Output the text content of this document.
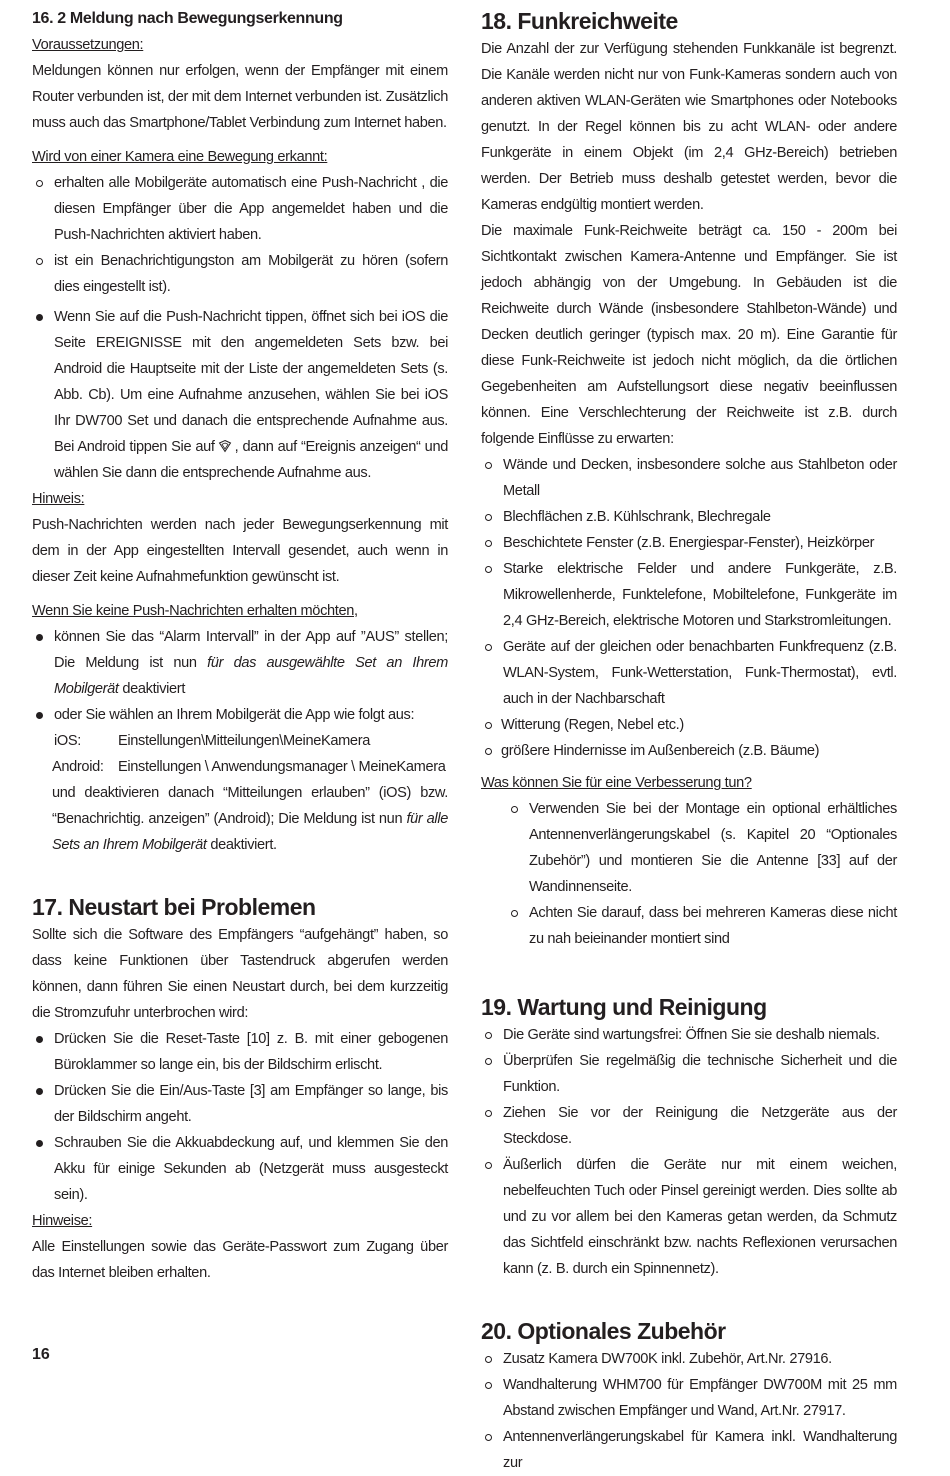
16. 2 Meldung nach Bewegungserkennung

Voraussetzungen:

Meldungen können nur erfolgen, wenn der Empfänger mit einem Router verbunden ist, der mit dem Internet verbunden ist. Zusätzlich muss auch das Smartphone/Tablet Verbindung zum Internet haben.

Wird von einer Kamera eine Bewegung erkannt:

erhalten alle Mobilgeräte automatisch eine Push-Nachricht , die diesen Empfänger über die App angemeldet haben und die Push-Nachrichten aktiviert haben.
ist ein Benachrichtigungston am Mobilgerät zu hören (sofern dies eingestellt ist).
Wenn Sie auf die Push-Nachricht tippen, öffnet sich bei iOS die Seite EREIGNISSE mit den angemeldeten Sets bzw. bei Android die Hauptseite mit der Liste der angemeldeten Sets (s. Abb. Cb). Um eine Aufnahme anzusehen, wählen Sie bei iOS Ihr DW700 Set und danach die entsprechende Aufnahme aus. Bei Android tippen Sie auf , dann auf “Ereignis anzeigen“ und wählen Sie dann die entsprechende Aufnahme aus.

Hinweis:

Push-Nachrichten werden nach jeder Bewegungserkennung mit dem in der App eingestellten Intervall gesendet, auch wenn in dieser Zeit keine Aufnahmefunktion gewünscht ist.

Wenn Sie keine Push-Nachrichten erhalten möchten,

können Sie das “Alarm Intervall” in der App auf ”AUS” stellen; Die Meldung ist nun für das ausgewählte Set an Ihrem Mobilgerät deaktiviert
oder Sie wählen an Ihrem Mobilgerät die App wie folgt aus:
iOS:	Einstellungen\Mitteilungen\MeineKamera
Android: Einstellungen \ Anwendungsmanager \ MeineKamera
und deaktivieren danach “Mitteilungen erlauben” (iOS) bzw. “Benachrichtig. anzeigen” (Android); Die Meldung ist nun für alle Sets an Ihrem Mobilgerät deaktiviert.

17. Neustart bei Problemen

Sollte sich die Software des Empfängers “aufgehängt” haben, so dass keine Funktionen über Tastendruck abgerufen werden können, dann führen Sie einen Neustart durch, bei dem kurzzeitig die Stromzufuhr unterbrochen wird:

Drücken Sie die Reset-Taste [10] z. B. mit einer gebogenen Büroklammer so lange ein, bis der Bildschirm erlischt.
Drücken Sie die Ein/Aus-Taste [3] am Empfänger so lange, bis der Bildschirm angeht.
Schrauben Sie die Akkuabdeckung auf, und klemmen Sie den Akku für einige Sekunden ab (Netzgerät muss ausgesteckt sein).

Hinweise:

Alle Einstellungen sowie das Geräte-Passwort zum Zugang über das Internet bleiben erhalten.

18. Funkreichweite

Die Anzahl der zur Verfügung stehenden Funkkanäle ist begrenzt. Die Kanäle werden nicht nur von Funk-Kameras sondern auch von anderen aktiven WLAN-Geräten wie Smartphones oder Notebooks genutzt. In der Regel können bis zu acht WLAN- oder andere Funkgeräte in einem Objekt (im 2,4 GHz-Bereich) betrieben werden. Der Betrieb muss deshalb getestet werden, bevor die Kameras endgültig montiert werden.

Die maximale Funk-Reichweite beträgt ca. 150 - 200m bei Sichtkontakt zwischen Kamera-Antenne und Empfänger. Sie ist jedoch abhängig von der Umgebung. In Gebäuden ist die Reichweite durch Wände (insbesondere Stahlbeton-Wände) und Decken deutlich geringer (typisch max. 20 m). Eine Garantie für diese Funk-Reichweite ist jedoch nicht möglich, da die örtlichen Gegebenheiten am Aufstellungsort diese negativ beeinflussen können. Eine Verschlechterung der Reichweite ist z.B. durch folgende Einflüsse zu erwarten:

Wände und Decken, insbesondere solche aus Stahlbeton oder Metall
Blechflächen z.B. Kühlschrank, Blechregale
Beschichtete Fenster (z.B. Energiespar-Fenster), Heizkörper
Starke elektrische Felder und andere Funkgeräte, z.B. Mikrowellenherde, Funktelefone, Mobiltelefone, Funkgeräte im 2,4 GHz-Bereich, elektrische Motoren und Starkstromleitungen.
Geräte auf der gleichen oder benachbarten Funkfrequenz (z.B. WLAN-System, Funk-Wetterstation, Funk-Thermostat), evtl. auch in der Nachbarschaft
Witterung (Regen, Nebel etc.)
größere Hindernisse im Außenbereich (z.B. Bäume)

Was können Sie für eine Verbesserung tun?

Verwenden Sie bei der Montage ein optional erhältliches Antennenverlängerungskabel (s. Kapitel 20 “Optionales Zubehör”) und montieren Sie die Antenne [33] auf der Wandinnenseite.
Achten Sie darauf, dass bei mehreren Kameras diese nicht zu nah beieinander montiert sind

19. Wartung und Reinigung

Die Geräte sind wartungsfrei: Öffnen Sie sie deshalb niemals.
Überprüfen Sie regelmäßig die technische Sicherheit und die Funktion.
Ziehen Sie vor der Reinigung die Netzgeräte aus der Steckdose.
Äußerlich dürfen die Geräte nur mit einem weichen, nebelfeuchten Tuch oder Pinsel gereinigt werden. Dies sollte ab und zu vor allem bei den Kameras getan werden, da Schmutz das Sichtfeld einschränkt bzw. nachts Reflexionen verursachen kann (z. B. durch ein Spinnennetz).

20. Optionales Zubehör

Zusatz Kamera DW700K inkl. Zubehör, Art.Nr. 27916.
Wandhalterung WHM700 für Empfänger DW700M mit 25 mm Abstand zwischen Empfänger und Wand, Art.Nr. 27917.
Antennenverlängerungskabel für Kamera inkl. Wandhalterung zur
16
